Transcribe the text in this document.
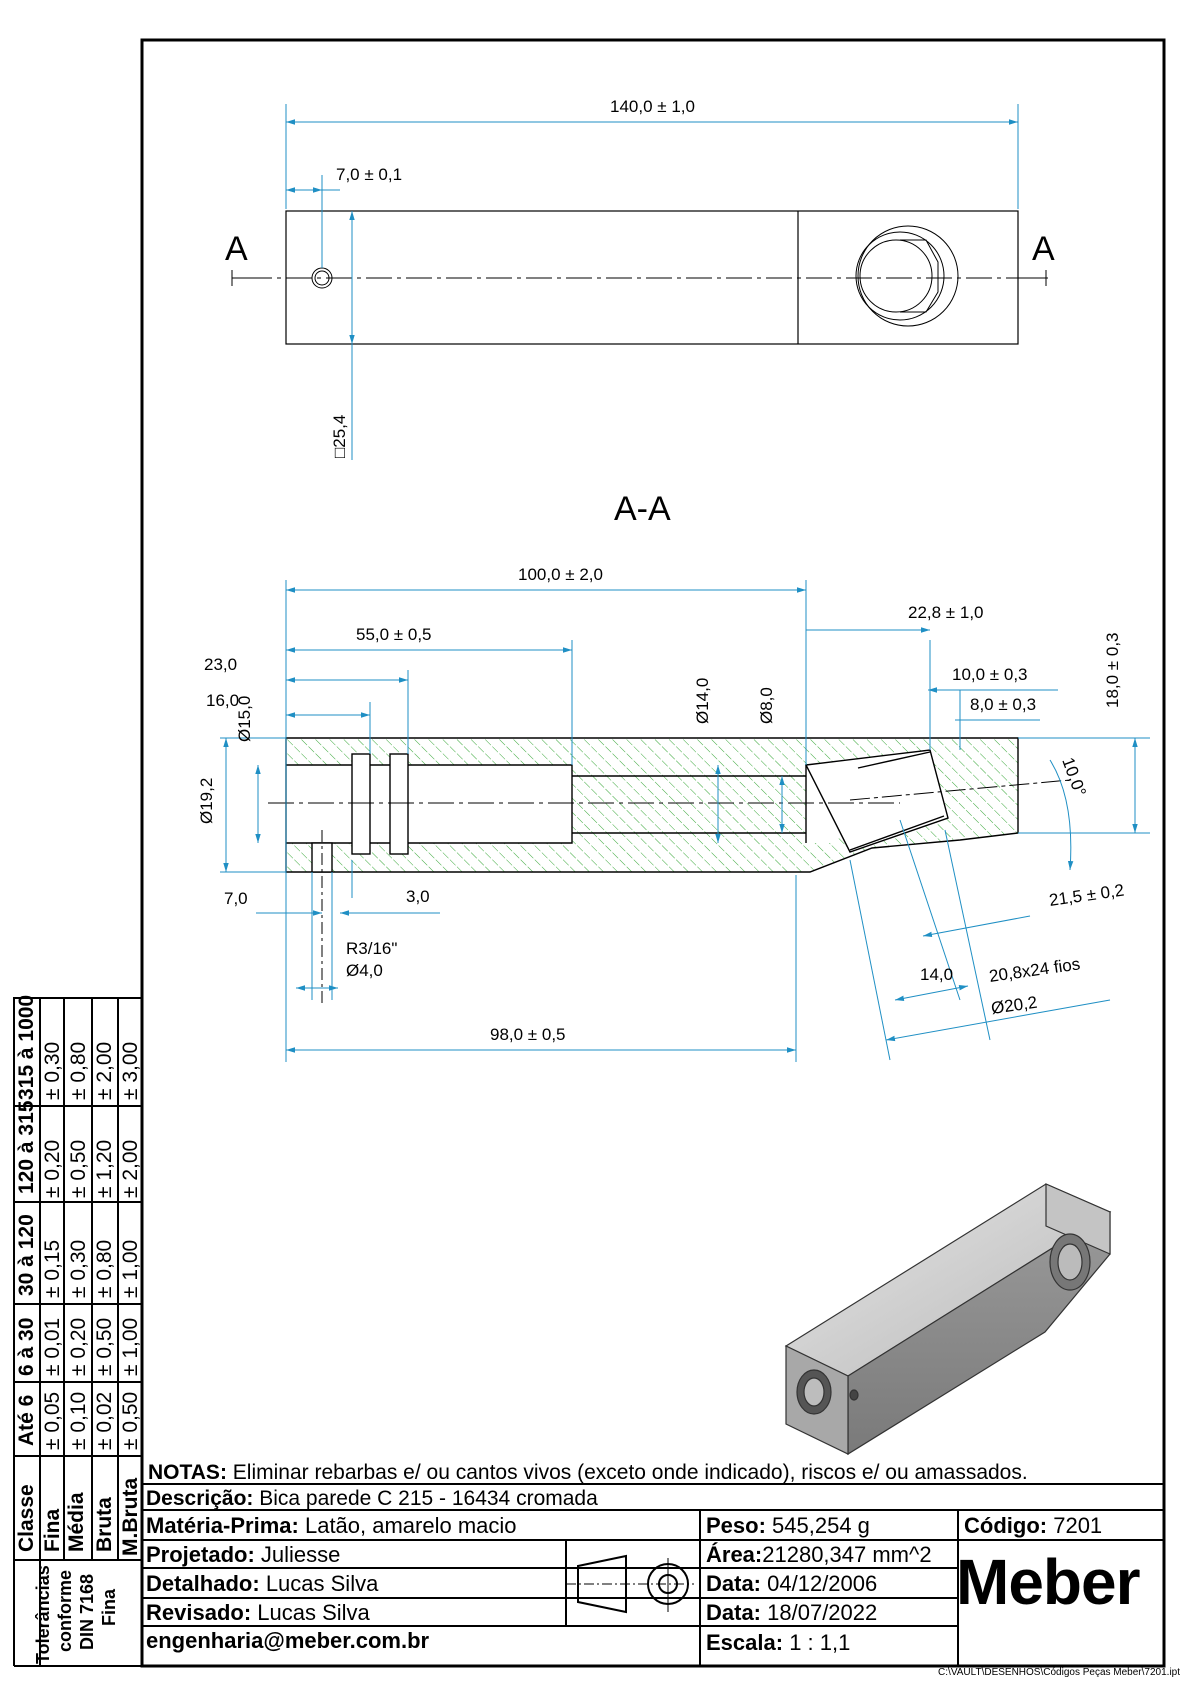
A	A
140,0 ± 1,0
7,0 ± 0,1
□25,4
A-A
100,0 ± 2,0
55,0 ± 0,5
23,0
16,0
Ø15,0
Ø19,2
Ø14,0	Ø8,0
22,8 ± 1,0
10,0 ± 0,3
8,0 ± 0,3	18,0 ± 0,3
10,0°
21,5 ± 0,2
7,0	3,0
R3/16"
Ø4,0	14,0 20,8x24 fios
Ø20,2
98,0 ± 0,5
Classe
Até 6
6 à 30
30 à 120
120 à 315
315 à 1000
Fina
± 0,05
± 0,01
± 0,15
± 0,20
± 0,30
Média
± 0,10
± 0,20
± 0,30
± 0,50
± 0,80
Bruta
± 0,02
± 0,50
± 0,80
± 1,20
± 2,00
M.Bruta
± 0,50
± 1,00
± 1,00
± 2,00
± 3,00
Tolerâncias conforme DIN 7168 Fina
NOTAS: Eliminar rebarbas e/ ou cantos vivos (exceto onde indicado), riscos e/ ou amassados.
Descrição: Bica parede C 215 - 16434 cromada
Matéria-Prima: Latão, amarelo macio	Peso: 545,254 g	Código: 7201
Projetado: Juliesse	Área:21280,347 mm^2
Detalhado: Lucas Silva	Data: 04/12/2006
Revisado: Lucas Silva	Data: 18/07/2022
engenharia@meber.com.br	Escala: 1 : 1,1
Meber
C:\VAULT\DESENHOS\Códigos Peças Meber\7201.ipt
